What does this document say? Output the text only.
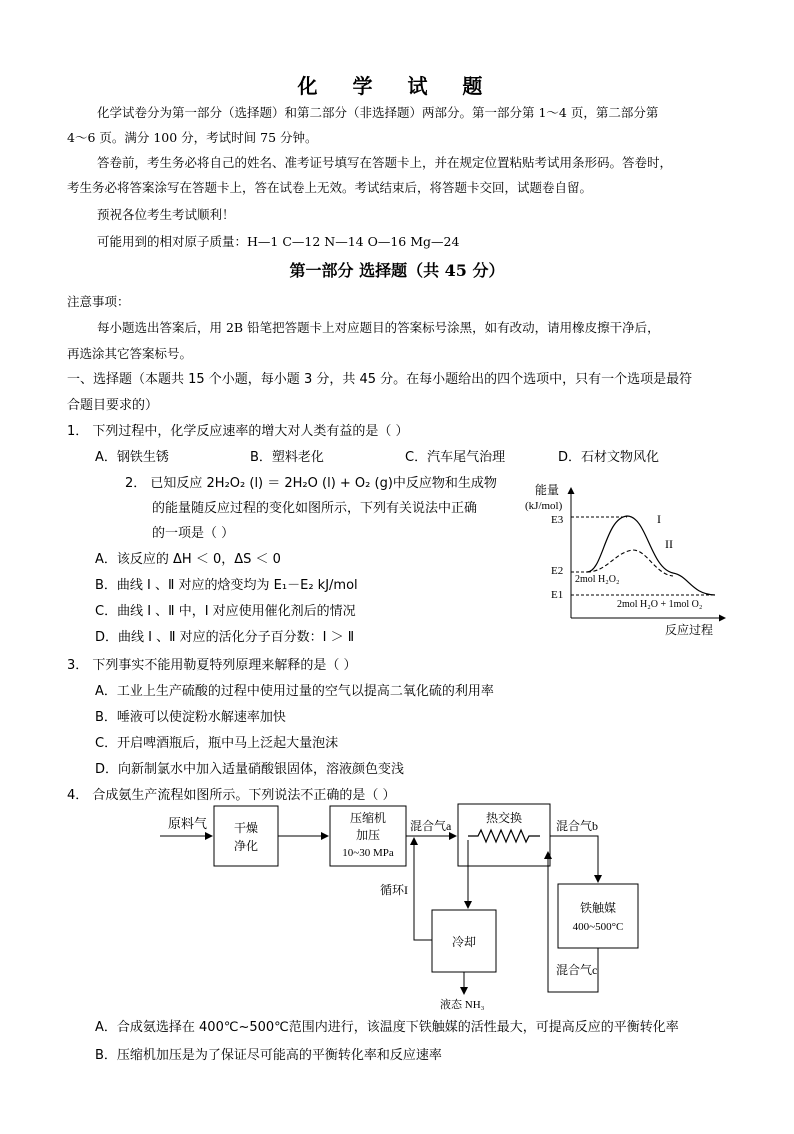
化 学 试 题
化学试卷分为第一部分（选择题）和第二部分（非选择题）两部分。第一部分第 1～4 页，第二部分第
4～6 页。满分 100 分，考试时间 75 分钟。
答卷前，考生务必将自己的姓名、准考证号填写在答题卡上，并在规定位置粘贴考试用条形码。答卷时，
考生务必将答案涂写在答题卡上，答在试卷上无效。考试结束后，将答题卡交回，试题卷自留。
预祝各位考生考试顺利！
可能用到的相对原子质量：H—1 C—12 N—14 O—16 Mg—24
第一部分 选择题（共 45 分）
注意事项：
每小题选出答案后，用 2B 铅笔把答题卡上对应题目的答案标号涂黑，如有改动，请用橡皮擦干净后，
再选涂其它答案标号。
一、选择题（本题共 15 个小题，每小题 3 分，共 45 分。在每小题给出的四个选项中，只有一个选项是最符
合题目要求的）
1． 下列过程中，化学反应速率的增大对人类有益的是（ ）
A．钢铁生锈	B．塑料老化	C．汽车尾气治理	D．石材文物风化
2． 已知反应 2H₂O₂ (l) ＝ 2H₂O (l) + O₂ (g)中反应物和生成物
的能量随反应过程的变化如图所示，下列有关说法中正确
的一项是（ ）
A．该反应的 ΔH ＜ 0，ΔS ＜ 0
B．曲线 Ⅰ 、Ⅱ 对应的焓变均为 E₁－E₂ kJ/mol
C．曲线 Ⅰ 、Ⅱ 中，Ⅰ 对应使用催化剂后的情况
D．曲线 Ⅰ 、Ⅱ 对应的活化分子百分数：Ⅰ ＞ Ⅱ
能量
(kJ/mol)
E3
E2
E1
I
II
2mol H₂O₂
2mol H₂O + 1mol O₂
反应过程
3． 下列事实不能用勒夏特列原理来解释的是（ ）
A．工业上生产硫酸的过程中使用过量的空气以提高二氧化硫的利用率
B．唾液可以使淀粉水解速率加快
C．开启啤酒瓶后，瓶中马上泛起大量泡沫
D．向新制氯水中加入适量硝酸银固体，溶液颜色变浅
4． 合成氨生产流程如图所示。下列说法不正确的是（ ）
原料气 干燥
净化
压缩机
加压
10~30 MPa
混合气a
热交换
混合气b
铁触媒
400~500°C
混合气c
冷却
循环I
液态 NH₃
A．合成氨选择在 400℃~500℃范围内进行，该温度下铁触媒的活性最大，可提高反应的平衡转化率
B．压缩机加压是为了保证尽可能高的平衡转化率和反应速率
